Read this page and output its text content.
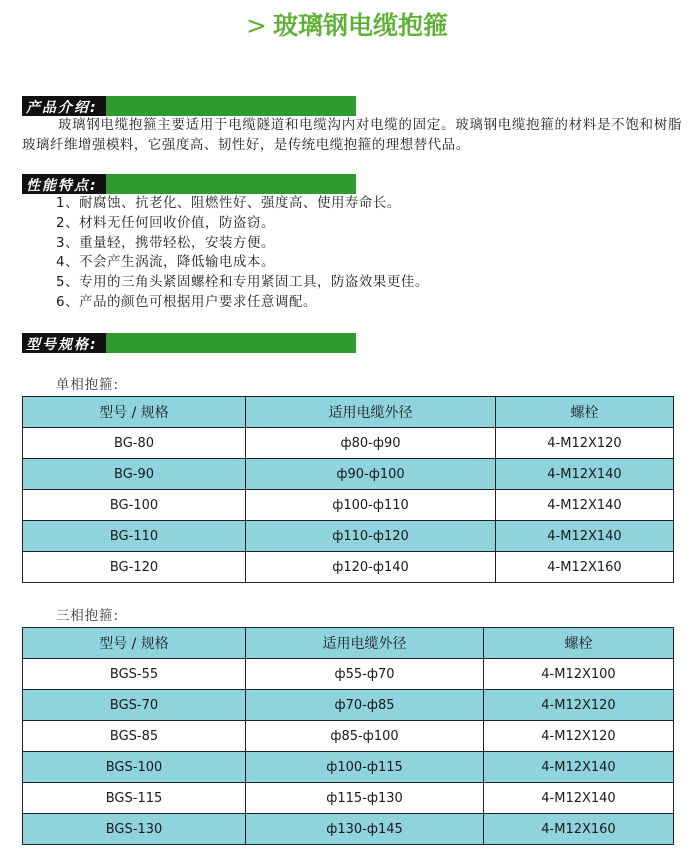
> 玻璃钢电缆抱箍
产品介绍:
玻璃钢电缆抱箍主要适用于电缆隧道和电缆沟内对电缆的固定。玻璃钢电缆抱箍的材料是不饱和树脂玻璃纤维增强模料，它强度高、韧性好，是传统电缆抱箍的理想替代品。
性能特点:
1、耐腐蚀、抗老化、阻燃性好、强度高、使用寿命长。
2、材料无任何回收价值，防盗窃。
3、重量轻，携带轻松，安装方便。
4、不会产生涡流，降低输电成本。
5、专用的三角头紧固螺栓和专用紧固工具，防盗效果更佳。
6、产品的颜色可根据用户要求任意调配。
型号规格:
单相抱箍:
型号 / 规格	适用电缆外径	螺栓
BG-80	ф80-ф90	4-M12X120
BG-90	ф90-ф100	4-M12X140
BG-100	ф100-ф110	4-M12X140
BG-110	ф110-ф120	4-M12X140
BG-120	ф120-ф140	4-M12X160
三相抱箍:
型号 / 规格	适用电缆外径	螺栓
BGS-55	ф55-ф70	4-M12X100
BGS-70	ф70-ф85	4-M12X120
BGS-85	ф85-ф100	4-M12X120
BGS-100	ф100-ф115	4-M12X140
BGS-115	ф115-ф130	4-M12X140
BGS-130	ф130-ф145	4-M12X160
